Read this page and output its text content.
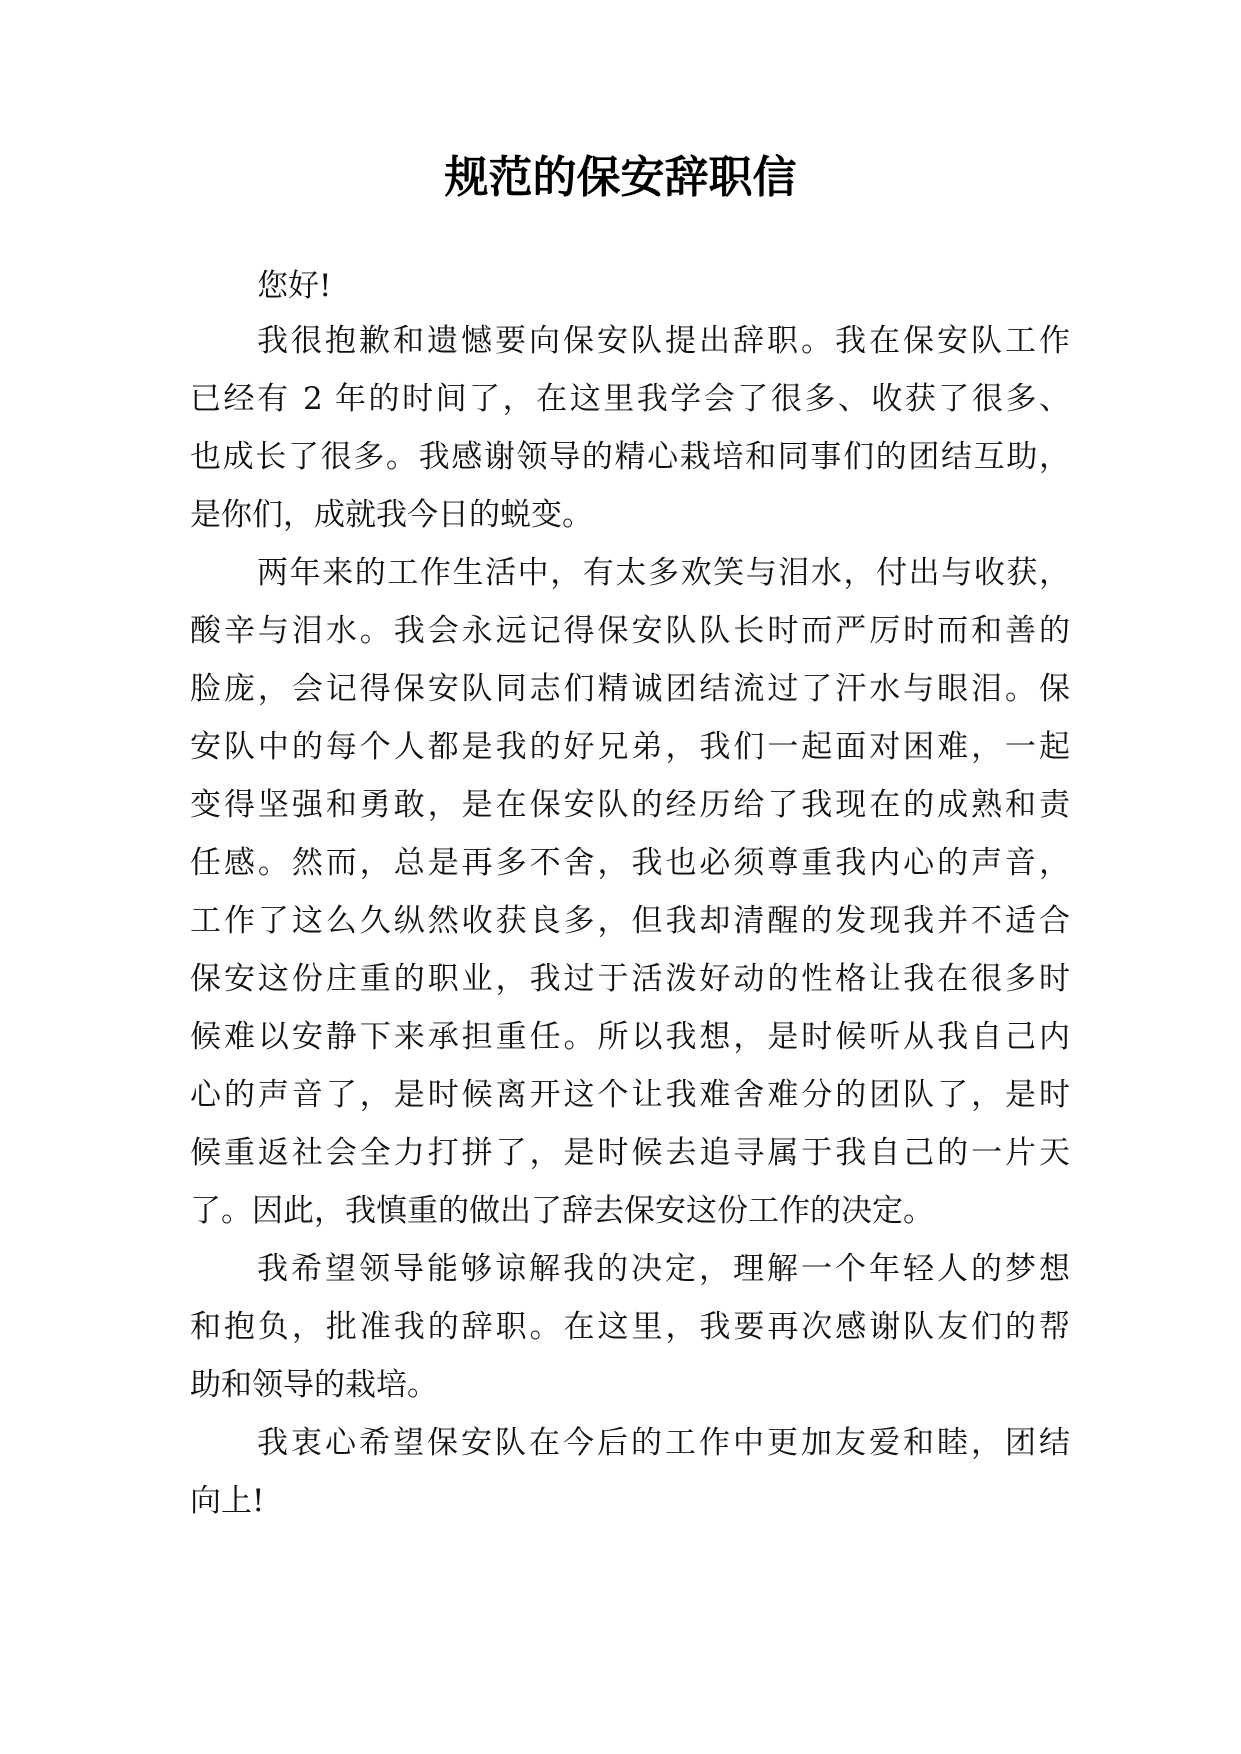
规范的保安辞职信

您好!

我很抱歉和遗憾要向保安队提出辞职。我在保安队工作

已经有 2 年的时间了，在这里我学会了很多、收获了很多、

也成长了很多。我感谢领导的精心栽培和同事们的团结互助，

是你们，成就我今日的蜕变。

两年来的工作生活中，有太多欢笑与泪水，付出与收获，

酸辛与泪水。我会永远记得保安队队长时而严厉时而和善的

脸庞，会记得保安队同志们精诚团结流过了汗水与眼泪。保

安队中的每个人都是我的好兄弟，我们一起面对困难，一起

变得坚强和勇敢，是在保安队的经历给了我现在的成熟和责

任感。然而，总是再多不舍，我也必须尊重我内心的声音，

工作了这么久纵然收获良多，但我却清醒的发现我并不适合

保安这份庄重的职业，我过于活泼好动的性格让我在很多时

候难以安静下来承担重任。所以我想，是时候听从我自己内

心的声音了，是时候离开这个让我难舍难分的团队了，是时

候重返社会全力打拼了，是时候去追寻属于我自己的一片天

了。因此，我慎重的做出了辞去保安这份工作的决定。

我希望领导能够谅解我的决定，理解一个年轻人的梦想

和抱负，批准我的辞职。在这里，我要再次感谢队友们的帮

助和领导的栽培。

我衷心希望保安队在今后的工作中更加友爱和睦，团结

向上!
